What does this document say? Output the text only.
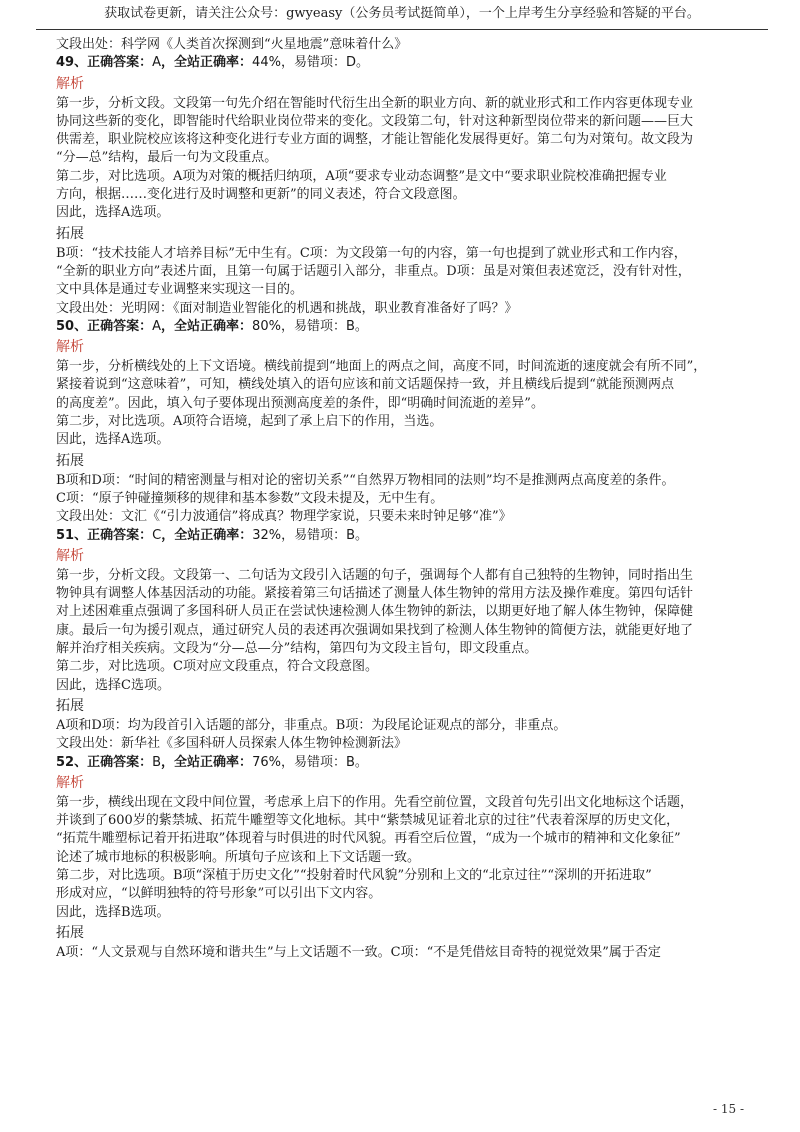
获取试卷更新，请关注公众号：gwyeasy（公务员考试挺简单），一个上岸考生分享经验和答疑的平台。
文段出处：科学网《人类首次探测到“火星地震”意味着什么》
49、正确答案：A，全站正确率：44%，易错项：D。
解析
第一步，分析文段。文段第一句先介绍在智能时代衍生出全新的职业方向、新的就业形式和工作内容更体现专业
协同这些新的变化，即智能时代给职业岗位带来的变化。文段第二句，针对这种新型岗位带来的新问题——巨大
供需差，职业院校应该将这种变化进行专业方面的调整，才能让智能化发展得更好。第二句为对策句。故文段为
“分—总”结构，最后一句为文段重点。
第二步，对比选项。A项为对策的概括归纳项，A项“要求专业动态调整”是文中“要求职业院校准确把握专业
方向，根据……变化进行及时调整和更新”的同义表述，符合文段意图。
因此，选择A选项。
拓展
B项：“技术技能人才培养目标”无中生有。C项：为文段第一句的内容，第一句也提到了就业形式和工作内容，
“全新的职业方向”表述片面，且第一句属于话题引入部分，非重点。D项：虽是对策但表述宽泛，没有针对性，
文中具体是通过专业调整来实现这一目的。
文段出处：光明网：《面对制造业智能化的机遇和挑战，职业教育准备好了吗？》
50、正确答案：A，全站正确率：80%，易错项：B。
解析
第一步，分析横线处的上下文语境。横线前提到“地面上的两点之间，高度不同，时间流逝的速度就会有所不同”，
紧接着说到“这意味着”，可知，横线处填入的语句应该和前文话题保持一致，并且横线后提到“就能预测两点
的高度差”。因此，填入句子要体现出预测高度差的条件，即“明确时间流逝的差异”。
第二步，对比选项。A项符合语境，起到了承上启下的作用，当选。
因此，选择A选项。
拓展
B项和D项：“时间的精密测量与相对论的密切关系”“自然界万物相同的法则”均不是推测两点高度差的条件。
C项：“原子钟碰撞频移的规律和基本参数”文段未提及，无中生有。
文段出处：文汇《“引力波通信”将成真？物理学家说，只要未来时钟足够“准”》
51、正确答案：C，全站正确率：32%，易错项：B。
解析
第一步，分析文段。文段第一、二句话为文段引入话题的句子，强调每个人都有自己独特的生物钟，同时指出生
物钟具有调整人体基因活动的功能。紧接着第三句话描述了测量人体生物钟的常用方法及操作难度。第四句话针
对上述困难重点强调了多国科研人员正在尝试快速检测人体生物钟的新法，以期更好地了解人体生物钟，保障健
康。最后一句为援引观点，通过研究人员的表述再次强调如果找到了检测人体生物钟的简便方法，就能更好地了
解并治疗相关疾病。文段为“分—总—分”结构，第四句为文段主旨句，即文段重点。
第二步，对比选项。C项对应文段重点，符合文段意图。
因此，选择C选项。
拓展
A项和D项：均为段首引入话题的部分，非重点。B项：为段尾论证观点的部分，非重点。
文段出处：新华社《多国科研人员探索人体生物钟检测新法》
52、正确答案：B，全站正确率：76%，易错项：B。
解析
第一步，横线出现在文段中间位置，考虑承上启下的作用。先看空前位置，文段首句先引出文化地标这个话题，
并谈到了600岁的紫禁城、拓荒牛雕塑等文化地标。其中“紫禁城见证着北京的过往”代表着深厚的历史文化，
“拓荒牛雕塑标记着开拓进取”体现着与时俱进的时代风貌。再看空后位置，“成为一个城市的精神和文化象征”
论述了城市地标的积极影响。所填句子应该和上下文话题一致。
第二步，对比选项。B项“深植于历史文化”“投射着时代风貌”分别和上文的“北京过往”“深圳的开拓进取”
形成对应，“以鲜明独特的符号形象”可以引出下文内容。
因此，选择B选项。
拓展
A项：“人文景观与自然环境和谐共生”与上文话题不一致。C项：“不是凭借炫目奇特的视觉效果”属于否定
- 15 -
